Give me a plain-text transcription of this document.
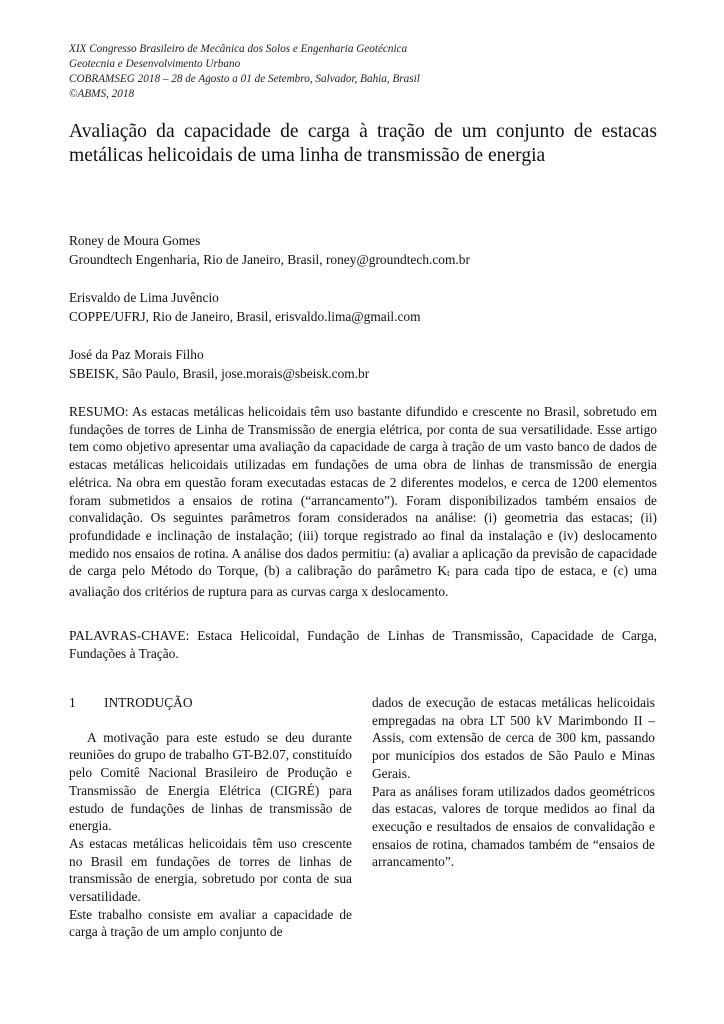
XIX Congresso Brasileiro de Mecânica dos Solos e Engenharia Geotécnica
Geotecnia e Desenvolvimento Urbano
COBRAMSEG 2018 – 28 de Agosto a 01 de Setembro, Salvador, Bahia, Brasil
©ABMS, 2018
Avaliação da capacidade de carga à tração de um conjunto de estacas metálicas helicoidais de uma linha de transmissão de energia
Roney de Moura Gomes
Groundtech Engenharia, Rio de Janeiro, Brasil, roney@groundtech.com.br
Erisvaldo de Lima Juvêncio
COPPE/UFRJ, Rio de Janeiro, Brasil, erisvaldo.lima@gmail.com
José da Paz Morais Filho
SBEISK, São Paulo, Brasil, jose.morais@sbeisk.com.br

RESUMO: As estacas metálicas helicoidais têm uso bastante difundido e crescente no Brasil, sobretudo em fundações de torres de Linha de Transmissão de energia elétrica, por conta de sua versatilidade. Esse artigo tem como objetivo apresentar uma avaliação da capacidade de carga à tração de um vasto banco de dados de estacas metálicas helicoidais utilizadas em fundações de uma obra de linhas de transmissão de energia elétrica. Na obra em questão foram executadas estacas de 2 diferentes modelos, e cerca de 1200 elementos foram submetidos a ensaios de rotina (“arrancamento”). Foram disponibilizados também ensaios de convalidação. Os seguintes parâmetros foram considerados na análise: (i) geometria das estacas; (ii) profundidade e inclinação de instalação; (iii) torque registrado ao final da instalação e (iv) deslocamento medido nos ensaios de rotina. A análise dos dados permitiu: (a) avaliar a aplicação da previsão de capacidade de carga pelo Método do Torque, (b) a calibração do parâmetro $K_t$ para cada tipo de estaca, e (c) uma avaliação dos critérios de ruptura para as curvas carga x deslocamento.

PALAVRAS-CHAVE: Estaca Helicoidal, Fundação de Linhas de Transmissão, Capacidade de Carga, Fundações à Tração.

1	INTRODUÇÃO

A motivação para este estudo se deu durante reuniões do grupo de trabalho GT-B2.07, constituído pelo Comitê Nacional Brasileiro de Produção e Transmissão de Energia Elétrica (CIGRÉ) para estudo de fundações de linhas de transmissão de energia.

As estacas metálicas helicoidais têm uso crescente no Brasil em fundações de torres de linhas de transmissão de energia, sobretudo por conta de sua versatilidade.

Este trabalho consiste em avaliar a capacidade de carga à tração de um amplo conjunto de

dados de execução de estacas metálicas helicoidais empregadas na obra LT 500 kV Marimbondo II – Assis, com extensão de cerca de 300 km, passando por municípios dos estados de São Paulo e Minas Gerais.

Para as análises foram utilizados dados geométricos das estacas, valores de torque medidos ao final da execução e resultados de ensaios de convalidação e ensaios de rotina, chamados também de “ensaios de arrancamento”.
